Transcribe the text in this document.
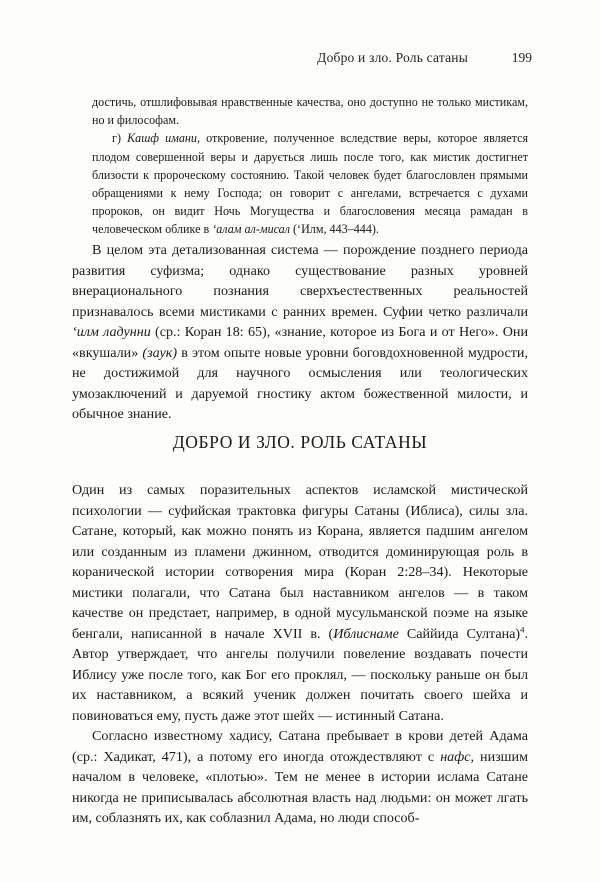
Добро и зло. Роль сатаны	199

достичь, отшлифовывая нравственные качества, оно доступно не только мистикам, но и философам.

г) Кашф имани, откровение, полученное вследствие веры, которое является плодом совершенной веры и дарується лишь после того, как мистик достигнет близости к пророческому состоянию. Такой человек будет благословлен прямыми обращениями к нему Господа; он говорит с ангелами, встречается с духами пророков, он видит Ночь Могущества и благословения месяца рамадан в человеческом облике в ʻалам ал-мисал (ʻИлм, 443–444).

В целом эта детализованная система — порождение позднего периода развития суфизма; однако существование разных уровней внерационального познания сверхъестественных реальностей признавалось всеми мистиками с ранних времен. Суфии четко различали ʻилм ладунни (ср.: Коран 18: 65), «знание, которое из Бога и от Него». Они «вкушали» (заук) в этом опыте новые уровни боговдохновенной мудрости, не достижимой для научного осмысления или теологических умозаключений и даруемой гностику актом божественной милости, и обычное знание.

ДОБРО И ЗЛО. РОЛЬ САТАНЫ

Один из самых поразительных аспектов исламской мистической психологии — суфийская трактовка фигуры Сатаны (Иблиса), силы зла. Сатане, который, как можно понять из Корана, является падшим ангелом или созданным из пламени джинном, отводится доминирующая роль в коранической истории сотворения мира (Коран 2:28–34). Некоторые мистики полагали, что Сатана был наставником ангелов — в таком качестве он предстает, например, в одной мусульманской поэме на языке бенгали, написанной в начале XVII в. (Иблиснаме Саййида Султана)$^4$. Автор утверждает, что ангелы получили повеление воздавать почести Иблису уже после того, как Бог его проклял, — поскольку раньше он был их наставником, а всякий ученик должен почитать своего шейха и повиноваться ему, пусть даже этот шейх — истинный Сатана.

Согласно известному хадису, Сатана пребывает в крови детей Адама (ср.: Хадикат, 471), а потому его иногда отождествляют с нафс, низшим началом в человеке, «плотью». Тем не менее в истории ислама Сатане никогда не приписывалась абсолютная власть над людьми: он может лгать им, соблазнять их, как соблазнил Адама, но люди способ-
